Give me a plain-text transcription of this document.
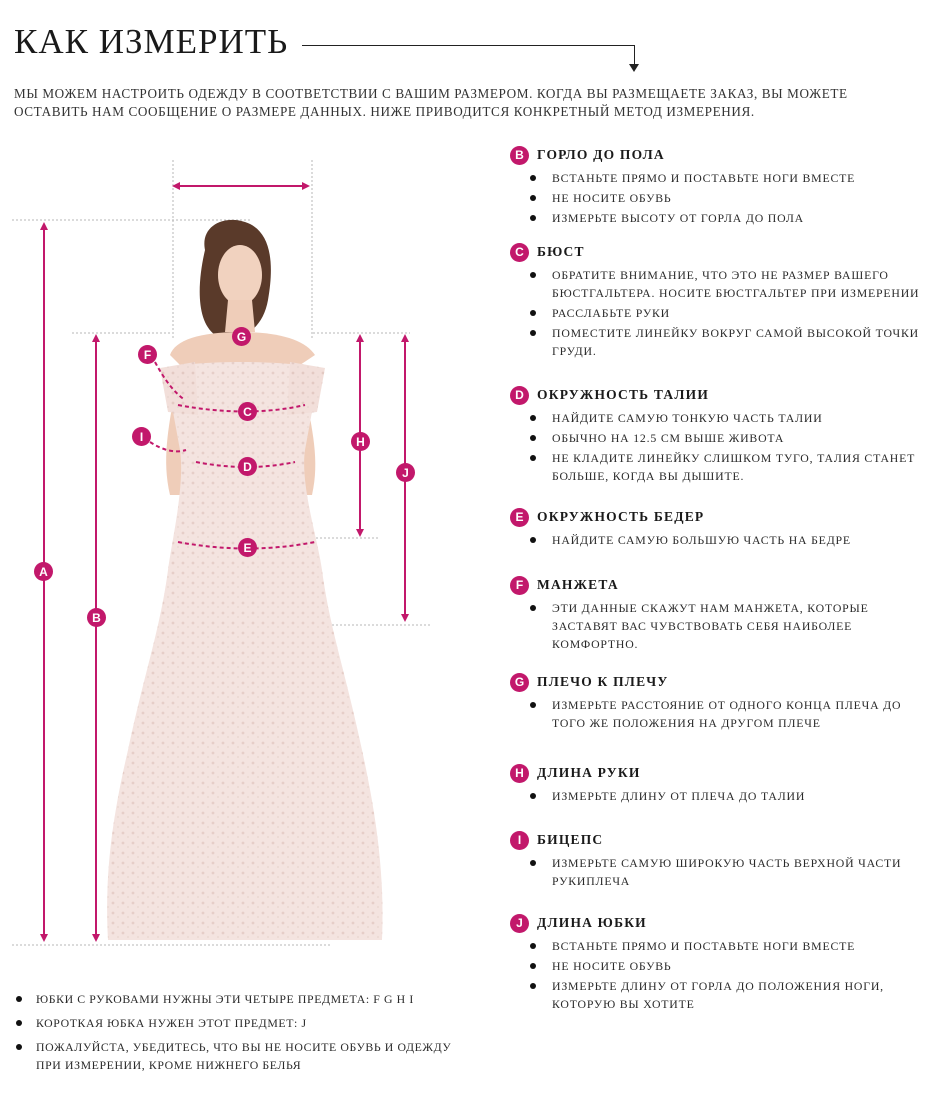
КАК ИЗМЕРИТЬ
МЫ МОЖЕМ НАСТРОИТЬ ОДЕЖДУ В СООТВЕТСТВИИ С ВАШИМ РАЗМЕРОМ. КОГДА ВЫ РАЗМЕЩАЕТЕ ЗАКАЗ, ВЫ МОЖЕТЕ ОСТАВИТЬ НАМ СООБЩЕНИЕ О РАЗМЕРЕ ДАННЫХ. НИЖЕ ПРИВОДИТСЯ КОНКРЕТНЫЙ МЕТОД ИЗМЕРЕНИЯ.
G
A
B
C
D
E
F
H
I
J
B ГОРЛО ДО ПОЛА
ВСТАНЬТЕ ПРЯМО И ПОСТАВЬТЕ НОГИ ВМЕСТЕ
НЕ НОСИТЕ ОБУВЬ
ИЗМЕРЬТЕ ВЫСОТУ ОТ ГОРЛА ДО ПОЛА
C БЮСТ
ОБРАТИТЕ ВНИМАНИЕ, ЧТО ЭТО НЕ РАЗМЕР ВАШЕГО БЮСТГАЛЬТЕРА. НОСИТЕ БЮСТГАЛЬТЕР ПРИ ИЗМЕРЕНИИ
РАССЛАБЬТЕ РУКИ
ПОМЕСТИТЕ ЛИНЕЙКУ ВОКРУГ САМОЙ ВЫСОКОЙ ТОЧКИ ГРУДИ.
D ОКРУЖНОСТЬ ТАЛИИ
НАЙДИТЕ САМУЮ ТОНКУЮ ЧАСТЬ ТАЛИИ
ОБЫЧНО НА 12.5 СМ ВЫШЕ ЖИВОТА
НЕ КЛАДИТЕ ЛИНЕЙКУ СЛИШКОМ ТУГО, ТАЛИЯ СТАНЕТ БОЛЬШЕ, КОГДА ВЫ ДЫШИТЕ.
E	ОКРУЖНОСТЬ БЕДЕР
НАЙДИТЕ САМУЮ БОЛЬШУЮ ЧАСТЬ НА БЕДРЕ
F	МАНЖЕТА
ЭТИ ДАННЫЕ СКАЖУТ НАМ МАНЖЕТА, КОТОРЫЕ ЗАСТАВЯТ ВАС ЧУВСТВОВАТЬ СЕБЯ НАИБОЛЕЕ КОМФОРТНО.
G ПЛЕЧО К ПЛЕЧУ
ИЗМЕРЬТЕ РАССТОЯНИЕ ОТ ОДНОГО КОНЦА ПЛЕЧА ДО ТОГО ЖЕ ПОЛОЖЕНИЯ НА ДРУГОМ ПЛЕЧЕ
H ДЛИНА РУКИ
ИЗМЕРЬТЕ ДЛИНУ ОТ ПЛЕЧА ДО ТАЛИИ
I	БИЦЕПС
ИЗМЕРЬТЕ САМУЮ ШИРОКУЮ ЧАСТЬ ВЕРХНОЙ ЧАСТИ РУКИПЛЕЧА
J	ДЛИНА ЮБКИ
ВСТАНЬТЕ ПРЯМО И ПОСТАВЬТЕ НОГИ ВМЕСТЕ
НЕ НОСИТЕ ОБУВЬ
ИЗМЕРЬТЕ ДЛИНУ ОТ ГОРЛА ДО ПОЛОЖЕНИЯ НОГИ, КОТОРУЮ ВЫ ХОТИТЕ
ЮБКИ С РУКОВАМИ НУЖНЫ ЭТИ ЧЕТЫРЕ ПРЕДМЕТА: F G H I
КОРОТКАЯ ЮБКА НУЖЕН ЭТОТ ПРЕДМЕТ: J
ПОЖАЛУЙСТА, УБЕДИТЕСЬ, ЧТО ВЫ НЕ НОСИТЕ ОБУВЬ И ОДЕЖДУ ПРИ ИЗМЕРЕНИИ, КРОМЕ НИЖНЕГО БЕЛЬЯ
